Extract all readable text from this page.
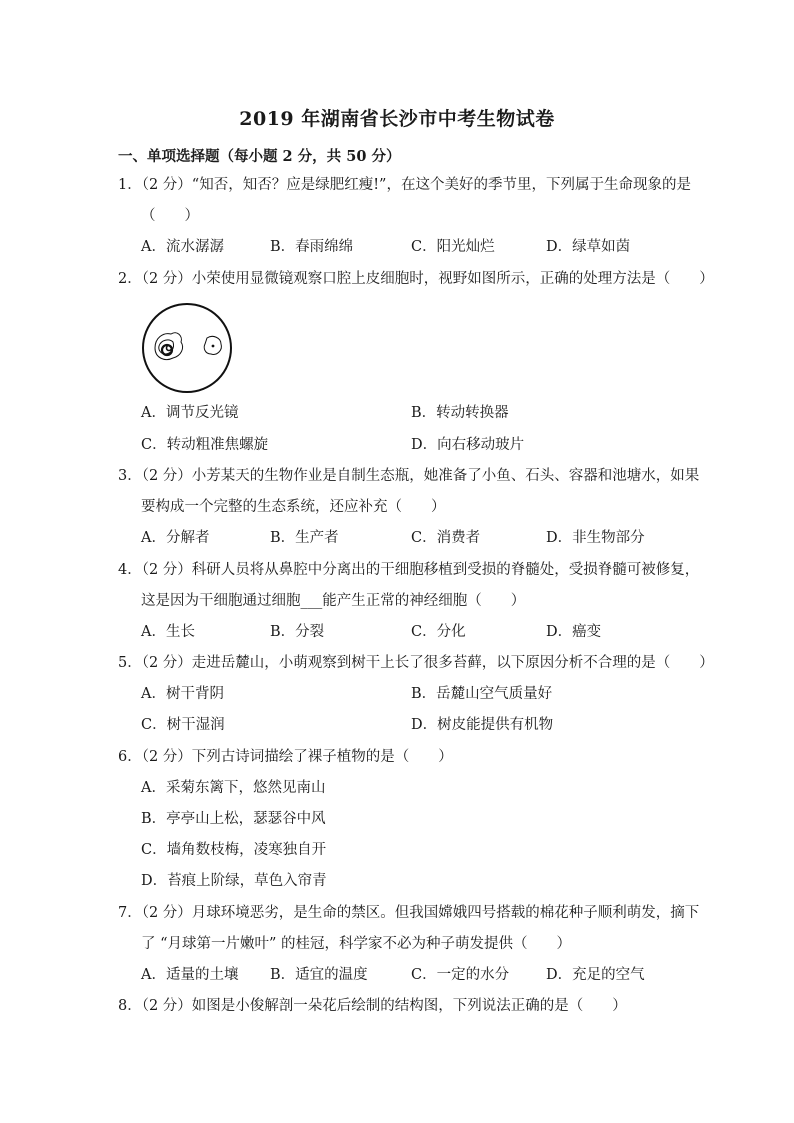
2019 年湖南省长沙市中考生物试卷
一、单项选择题（每小题 2 分，共 50 分）
1．（2 分）“知否，知否？应是绿肥红瘦!”，在这个美好的季节里，下列属于生命现象的是
（　　）
A．流水潺潺	B．春雨绵绵	C．阳光灿烂	D．绿草如茵
2．（2 分）小荣使用显微镜观察口腔上皮细胞时，视野如图所示，正确的处理方法是（　　）
A．调节反光镜	B．转动转换器
C．转动粗准焦螺旋	D．向右移动玻片
3．（2 分）小芳某天的生物作业是自制生态瓶，她准备了小鱼、石头、容器和池塘水，如果
要构成一个完整的生态系统，还应补充（　　）
A．分解者	B．生产者	C．消费者	D．非生物部分
4．（2 分）科研人员将从鼻腔中分离出的干细胞移植到受损的脊髓处，受损脊髓可被修复，
这是因为干细胞通过细胞___能产生正常的神经细胞（　　）
A．生长	B．分裂	C．分化	D．癌变
5．（2 分）走进岳麓山，小萌观察到树干上长了很多苔藓，以下原因分析不合理的是（　　）
A．树干背阴	B．岳麓山空气质量好
C．树干湿润	D．树皮能提供有机物
6．（2 分）下列古诗词描绘了裸子植物的是（　　）
A．采菊东篱下，悠然见南山
B．亭亭山上松，瑟瑟谷中风
C．墙角数枝梅，凌寒独自开
D．苔痕上阶绿，草色入帘青
7．（2 分）月球环境恶劣，是生命的禁区。但我国嫦娥四号搭载的棉花种子顺利萌发，摘下
了 “月球第一片嫩叶” 的桂冠，科学家不必为种子萌发提供（　　）
A．适量的土壤 B．适宜的温度	C．一定的水分	D．充足的空气
8．（2 分）如图是小俊解剖一朵花后绘制的结构图，下列说法正确的是（　　）
